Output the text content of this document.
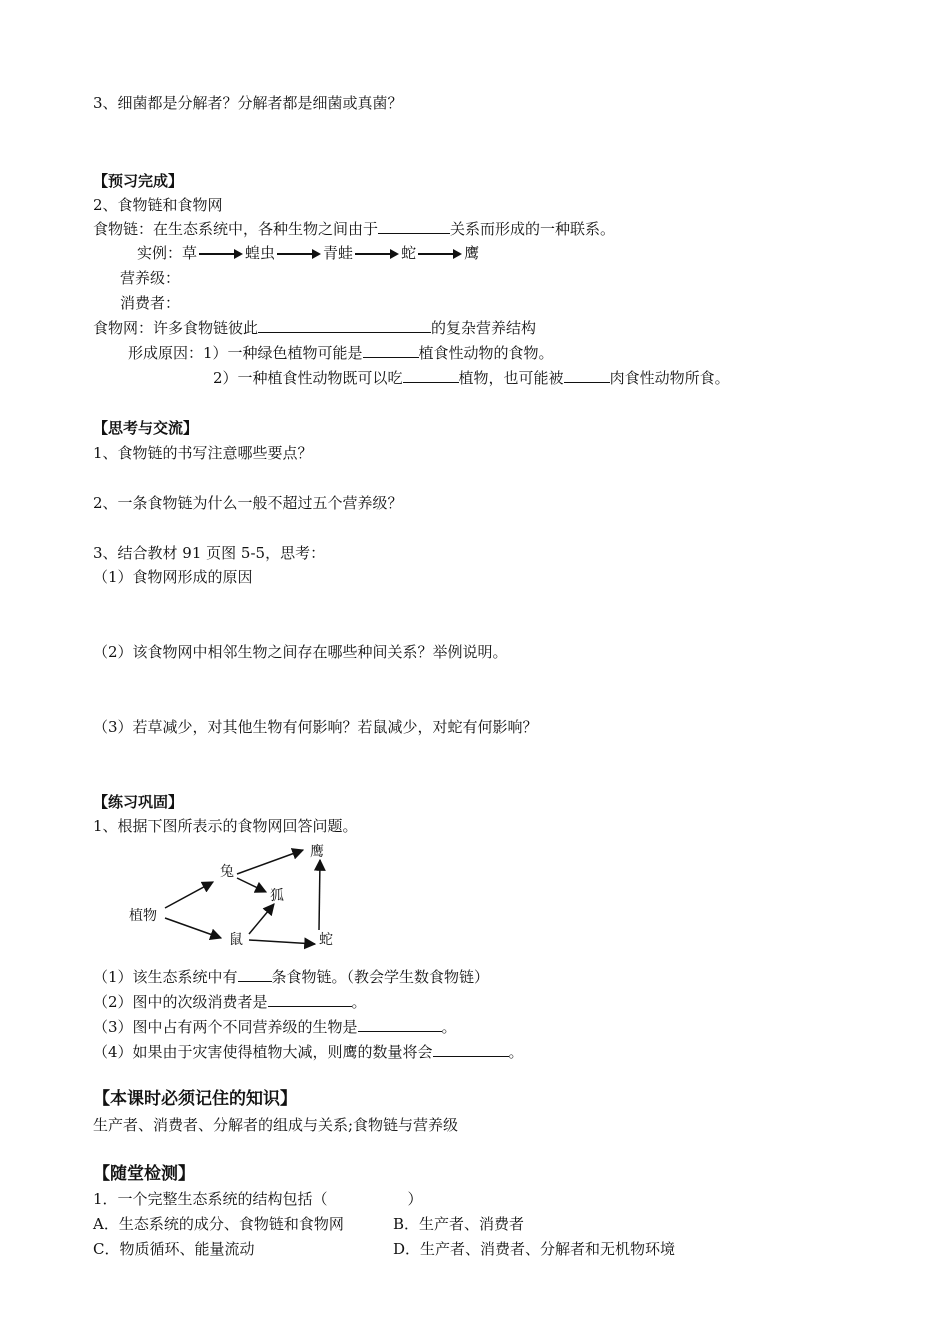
3、细菌都是分解者？分解者都是细菌或真菌？
【预习完成】
2、食物链和食物网
食物链：在生态系统中，各种生物之间由于	关系而形成的一种联系。
实例：草	蝗虫	青蛙	蛇	鹰
营养级：
消费者：
食物网：许多食物链彼此	的复杂营养结构
形成原因：1）一种绿色植物可能是	植食性动物的食物。
2）一种植食性动物既可以吃	植物，也可能被	肉食性动物所食。
【思考与交流】
1、食物链的书写注意哪些要点？
2、一条食物链为什么一般不超过五个营养级？
3、结合教材 91 页图 5-5，思考：
（1）食物网形成的原因
（2）该食物网中相邻生物之间存在哪些种间关系？举例说明。
（3）若草减少，对其他生物有何影响？若鼠减少，对蛇有何影响？
【练习巩固】
1、根据下图所表示的食物网回答问题。
植物
兔
鼠
狐
鹰
蛇
（1）该生态系统中有 条食物链。（教会学生数食物链）
（2）图中的次级消费者是	。
（3）图中占有两个不同营养级的生物是	。
（4）如果由于灾害使得植物大减，则鹰的数量将会	。
【本课时必须记住的知识】
生产者、消费者、分解者的组成与关系;食物链与营养级
【随堂检测】
1．一个完整生态系统的结构包括（	）
A．生态系统的成分、食物链和食物网	B．生产者、消费者
C．物质循环、能量流动	D．生产者、消费者、分解者和无机物环境
